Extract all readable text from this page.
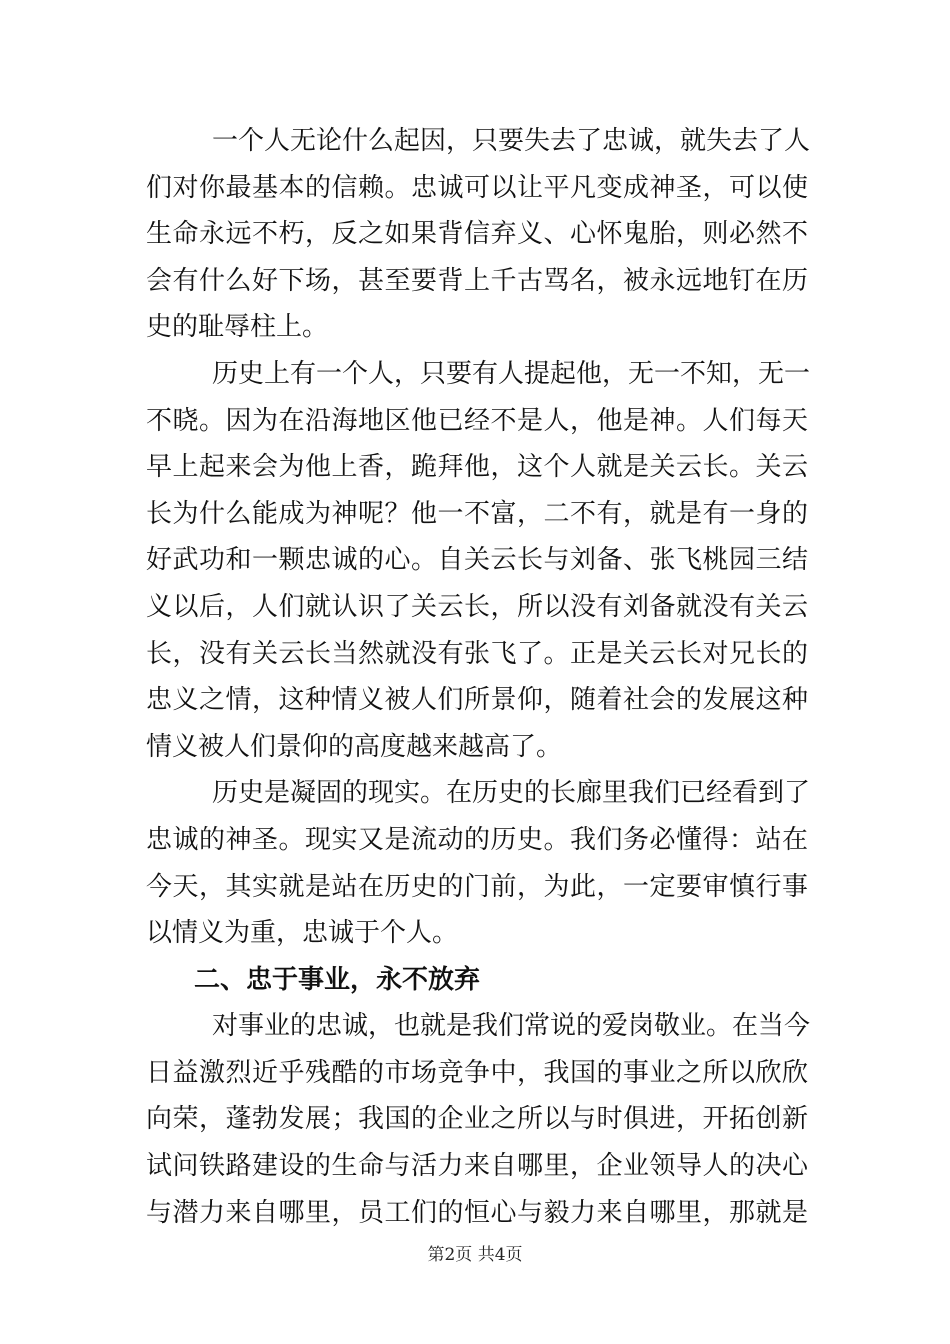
一个人无论什么起因，只要失去了忠诚，就失去了人
们对你最基本的信赖。忠诚可以让平凡变成神圣，可以使
生命永远不朽，反之如果背信弃义、心怀鬼胎，则必然不
会有什么好下场，甚至要背上千古骂名，被永远地钉在历
史的耻辱柱上。
历史上有一个人，只要有人提起他，无一不知，无一
不晓。因为在沿海地区他已经不是人，他是神。人们每天
早上起来会为他上香，跪拜他，这个人就是关云长。关云
长为什么能成为神呢？他一不富，二不有，就是有一身的
好武功和一颗忠诚的心。自关云长与刘备、张飞桃园三结
义以后，人们就认识了关云长，所以没有刘备就没有关云
长，没有关云长当然就没有张飞了。正是关云长对兄长的
忠义之情，这种情义被人们所景仰，随着社会的发展这种
情义被人们景仰的高度越来越高了。
历史是凝固的现实。在历史的长廊里我们已经看到了
忠诚的神圣。现实又是流动的历史。我们务必懂得：站在
今天，其实就是站在历史的门前，为此，一定要审慎行事
以情义为重，忠诚于个人。
二、忠于事业，永不放弃
对事业的忠诚，也就是我们常说的爱岗敬业。在当今
日益激烈近乎残酷的市场竞争中，我国的事业之所以欣欣
向荣，蓬勃发展；我国的企业之所以与时俱进，开拓创新
试问铁路建设的生命与活力来自哪里，企业领导人的决心
与潜力来自哪里，员工们的恒心与毅力来自哪里，那就是
第2页 共4页
